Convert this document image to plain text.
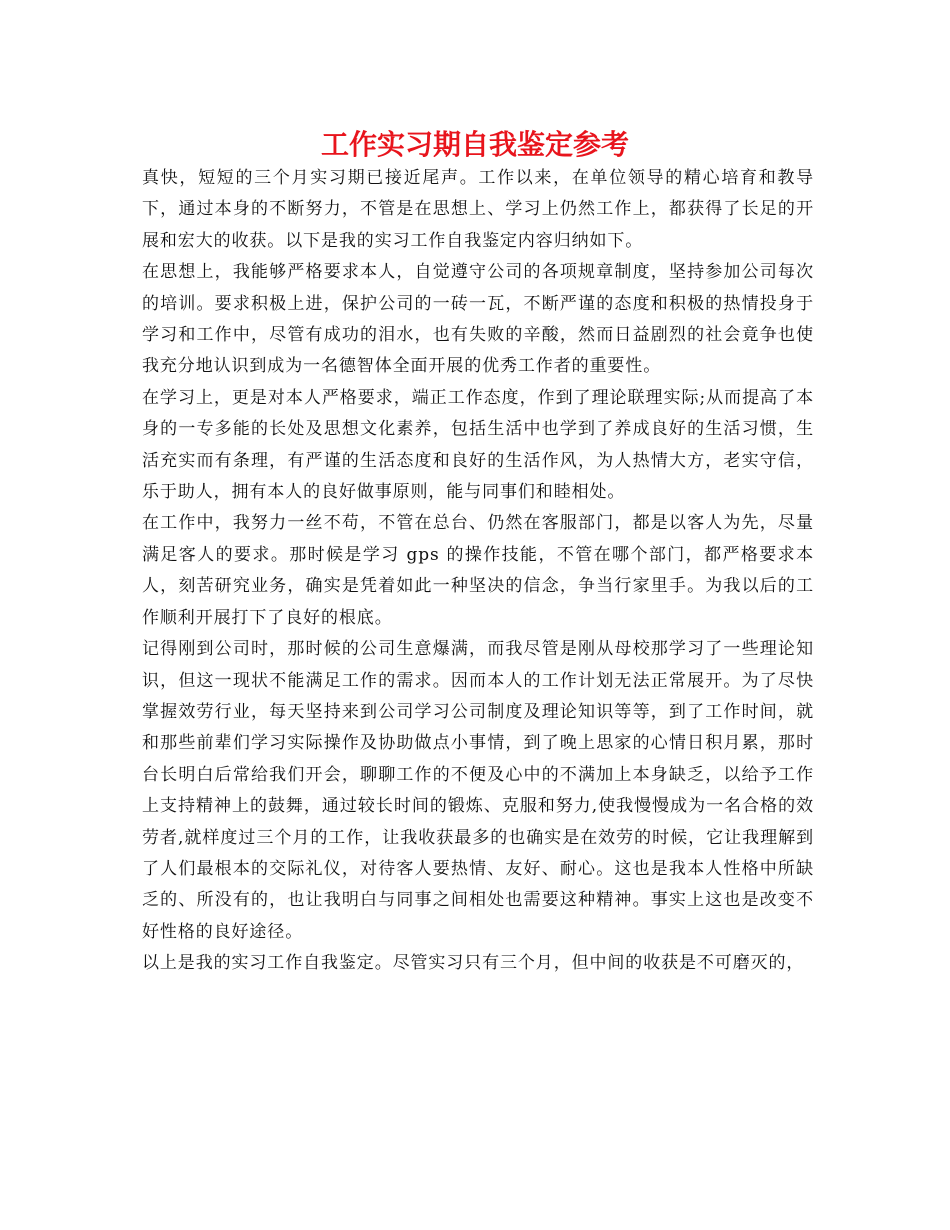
工作实习期自我鉴定参考

真快，短短的三个月实习期已接近尾声。工作以来，在单位领导的精心培育和教导下，通过本身的不断努力，不管是在思想上、学习上仍然工作上，都获得了长足的开展和宏大的收获。以下是我的实习工作自我鉴定内容归纳如下。

在思想上，我能够严格要求本人，自觉遵守公司的各项规章制度，坚持参加公司每次的培训。要求积极上进，保护公司的一砖一瓦，不断严谨的态度和积极的热情投身于学习和工作中，尽管有成功的泪水，也有失败的辛酸，然而日益剧烈的社会竟争也使我充分地认识到成为一名德智体全面开展的优秀工作者的重要性。

在学习上，更是对本人严格要求，端正工作态度，作到了理论联理实际;从而提高了本身的一专多能的长处及思想文化素养，包括生活中也学到了养成良好的生活习惯，生活充实而有条理，有严谨的生活态度和良好的生活作风，为人热情大方，老实守信，乐于助人，拥有本人的良好做事原则，能与同事们和睦相处。

在工作中，我努力一丝不苟，不管在总台、仍然在客服部门，都是以客人为先，尽量满足客人的要求。那时候是学习 gps 的操作技能，不管在哪个部门，都严格要求本人，刻苦研究业务，确实是凭着如此一种坚决的信念，争当行家里手。为我以后的工作顺利开展打下了良好的根底。

记得刚到公司时，那时候的公司生意爆满，而我尽管是刚从母校那学习了一些理论知识，但这一现状不能满足工作的需求。因而本人的工作计划无法正常展开。为了尽快掌握效劳行业，每天坚持来到公司学习公司制度及理论知识等等，到了工作时间，就和那些前辈们学习实际操作及协助做点小事情，到了晚上思家的心情日积月累，那时台长明白后常给我们开会，聊聊工作的不便及心中的不满加上本身缺乏，以给予工作上支持精神上的鼓舞，通过较长时间的锻炼、克服和努力,使我慢慢成为一名合格的效劳者,就样度过三个月的工作，让我收获最多的也确实是在效劳的时候，它让我理解到了人们最根本的交际礼仪，对待客人要热情、友好、耐心。这也是我本人性格中所缺乏的、所没有的，也让我明白与同事之间相处也需要这种精神。事实上这也是改变不好性格的良好途径。

以上是我的实习工作自我鉴定。尽管实习只有三个月，但中间的收获是不可磨灭的，
